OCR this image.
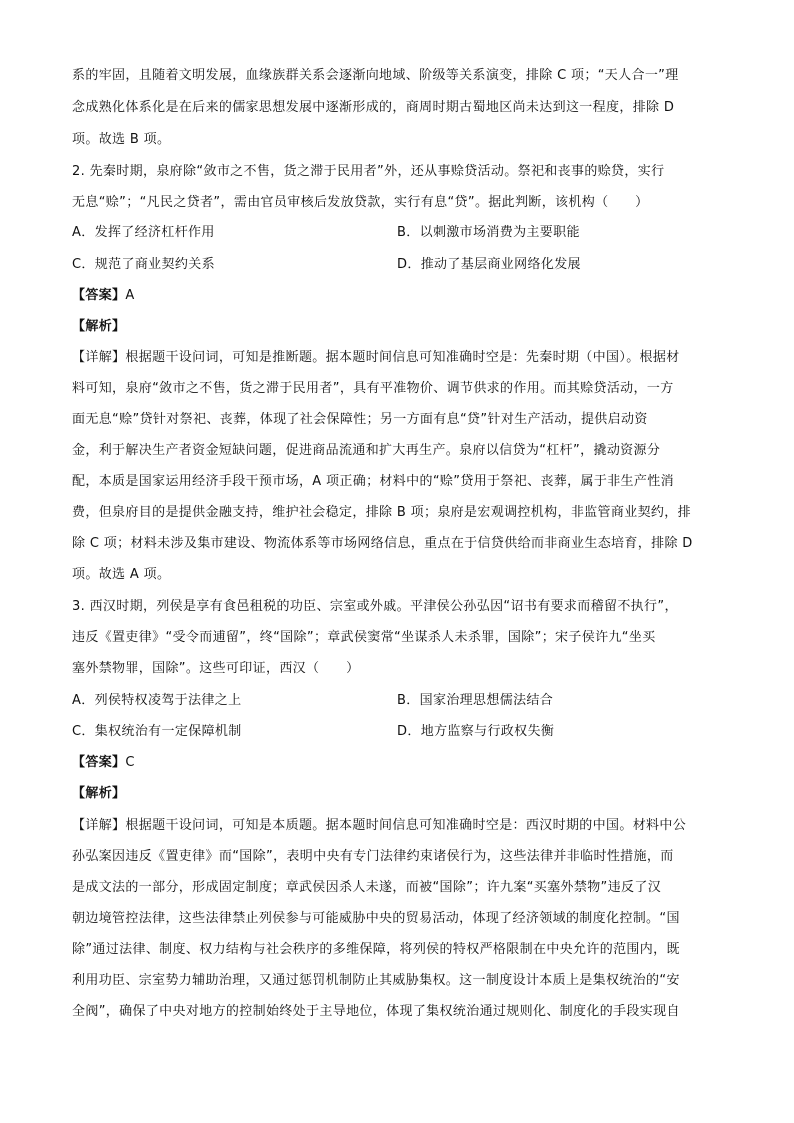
系的牢固，且随着文明发展，血缘族群关系会逐渐向地域、阶级等关系演变，排除 C 项；“天人合一”理
念成熟化体系化是在后来的儒家思想发展中逐渐形成的，商周时期古蜀地区尚未达到这一程度，排除 D
项。故选 B 项。
2. 先秦时期，泉府除“敛市之不售，货之滞于民用者”外，还从事赊贷活动。祭祀和丧事的赊贷，实行
无息“赊”；“凡民之贷者”，需由官员审核后发放贷款，实行有息“贷”。据此判断，该机构（　　）
A．发挥了经济杠杆作用	B．以刺激市场消费为主要职能
C．规范了商业契约关系	D．推动了基层商业网络化发展
【答案】A
【解析】
【详解】根据题干设问词，可知是推断题。据本题时间信息可知准确时空是：先秦时期（中国）。根据材
料可知，泉府“敛市之不售，货之滞于民用者”，具有平准物价、调节供求的作用。而其赊贷活动，一方
面无息“赊”贷针对祭祀、丧葬，体现了社会保障性；另一方面有息“贷”针对生产活动，提供启动资
金，利于解决生产者资金短缺问题，促进商品流通和扩大再生产。泉府以信贷为“杠杆”，撬动资源分
配，本质是国家运用经济手段干预市场，A 项正确；材料中的“赊”贷用于祭祀、丧葬，属于非生产性消
费，但泉府目的是提供金融支持，维护社会稳定，排除 B 项；泉府是宏观调控机构，非监管商业契约，排
除 C 项；材料未涉及集市建设、物流体系等市场网络信息，重点在于信贷供给而非商业生态培育，排除 D
项。故选 A 项。
3. 西汉时期，列侯是享有食邑租税的功臣、宗室或外戚。平津侯公孙弘因“诏书有要求而稽留不执行”，
违反《置吏律》“受令而逋留”，终“国除”；章武侯窦常“坐谋杀人未杀罪，国除”；宋子侯许九“坐买
塞外禁物罪，国除”。这些可印证，西汉（　　）
A．列侯特权凌驾于法律之上	B．国家治理思想儒法结合
C．集权统治有一定保障机制	D．地方监察与行政权失衡
【答案】C
【解析】
【详解】根据题干设问词，可知是本质题。据本题时间信息可知准确时空是：西汉时期的中国。材料中公
孙弘案因违反《置吏律》而“国除”，表明中央有专门法律约束诸侯行为，这些法律并非临时性措施，而
是成文法的一部分，形成固定制度；章武侯因杀人未遂，而被“国除”；许九案“买塞外禁物”违反了汉
朝边境管控法律，这些法律禁止列侯参与可能威胁中央的贸易活动，体现了经济领域的制度化控制。“国
除”通过法律、制度、权力结构与社会秩序的多维保障，将列侯的特权严格限制在中央允许的范围内，既
利用功臣、宗室势力辅助治理，又通过惩罚机制防止其威胁集权。这一制度设计本质上是集权统治的“安
全阀”，确保了中央对地方的控制始终处于主导地位，体现了集权统治通过规则化、制度化的手段实现自
